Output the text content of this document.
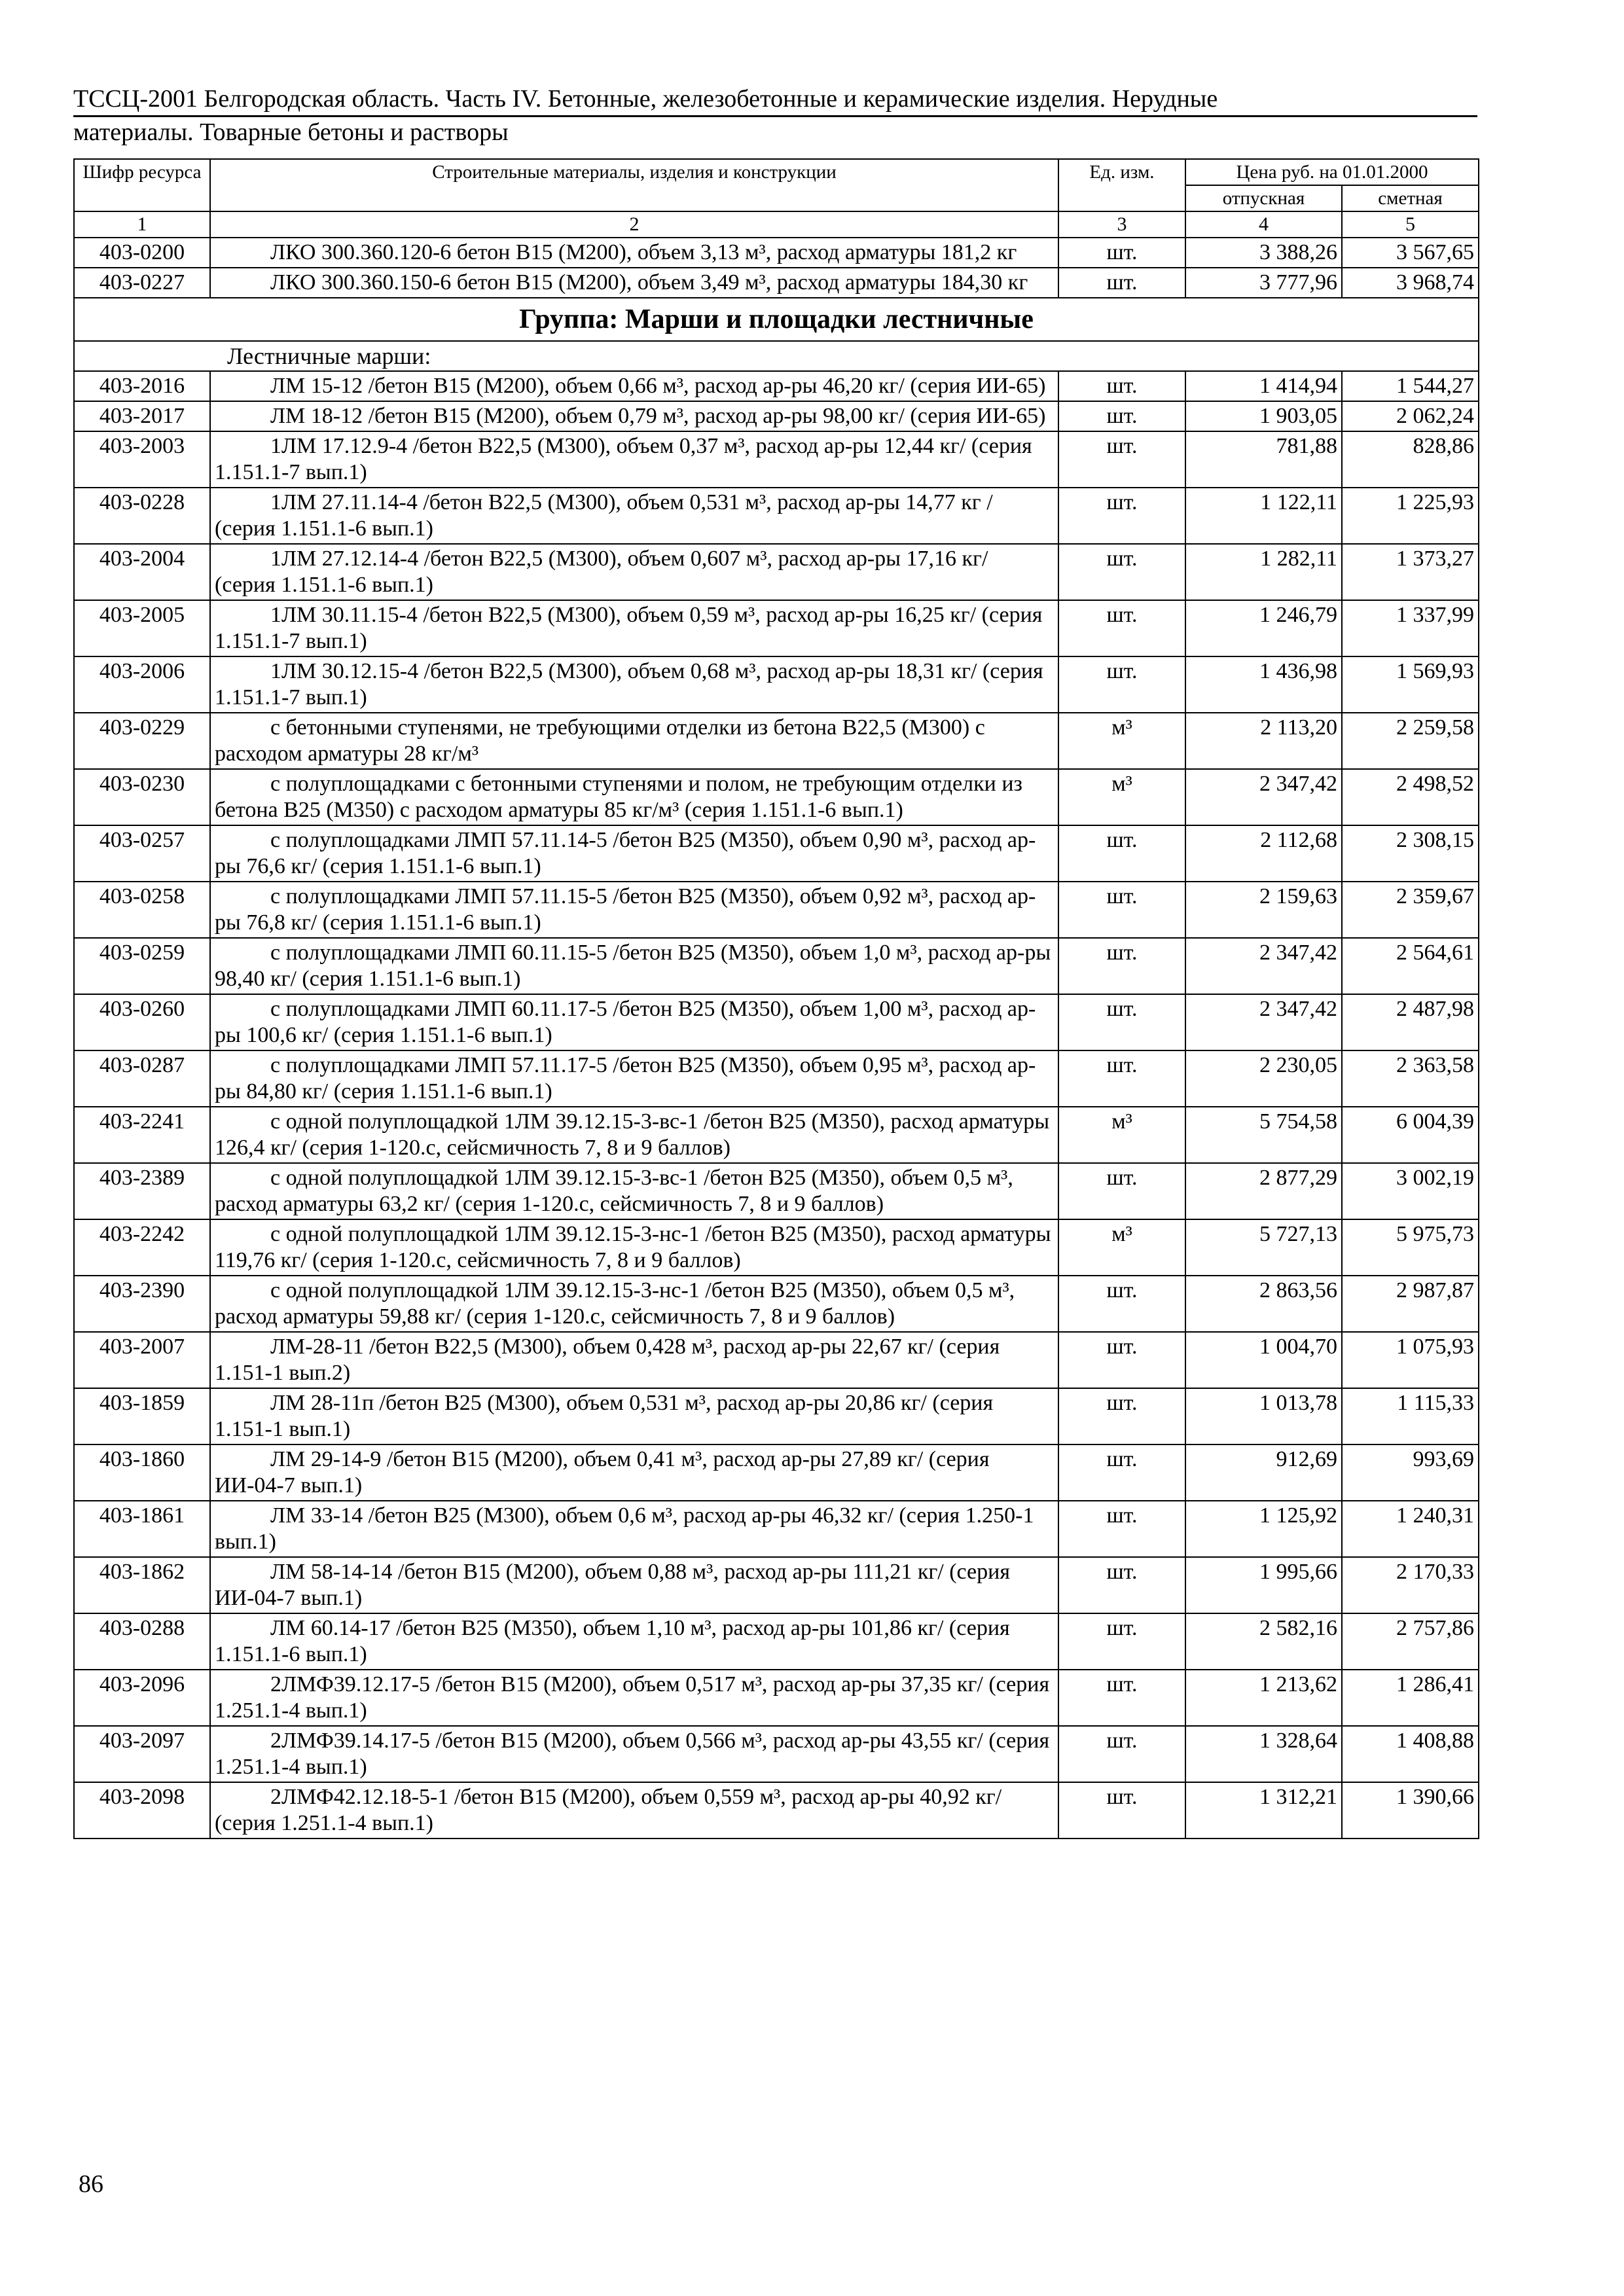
ТССЦ-2001 Белгородская область. Часть IV. Бетонные, железобетонные и керамические изделия. Нерудные
материалы. Товарные бетоны и растворы
Шифр ресурса	Строительные материалы, изделия и конструкции	Ед. изм.	Цена руб. на 01.01.2000	
			отпускная	сметная
1	2	3	4	5
403-0200	ЛКО 300.360.120-6 бетон В15 (М200), объем 3,13 м³, расход арматуры 181,2 кг	шт.	3 388,26	3 567,65
403-0227	ЛКО 300.360.150-6 бетон В15 (М200), объем 3,49 м³, расход арматуры 184,30 кг	шт.	3 777,96	3 968,74
Группа: Марши и площадки лестничные				
Лестничные марши:				
403-2016	ЛМ 15-12 /бетон В15 (М200), объем 0,66 м³, расход ар-ры 46,20 кг/ (серия ИИ-65)	шт.	1 414,94	1 544,27
403-2017	ЛМ 18-12 /бетон В15 (М200), объем 0,79 м³, расход ар-ры 98,00 кг/ (серия ИИ-65)	шт.	1 903,05	2 062,24
403-2003	1ЛМ 17.12.9-4 /бетон В22,5 (М300), объем 0,37 м³, расход ар-ры 12,44 кг/ (серия 1.151.1-7 вып.1)	шт.	781,88	828,86
403-0228	1ЛМ 27.11.14-4 /бетон В22,5 (М300), объем 0,531 м³, расход ар-ры 14,77 кг / (серия 1.151.1-6 вып.1)	шт.	1 122,11	1 225,93
403-2004	1ЛМ 27.12.14-4 /бетон В22,5 (М300), объем 0,607 м³, расход ар-ры 17,16 кг/ (серия 1.151.1-6 вып.1)	шт.	1 282,11	1 373,27
403-2005	1ЛМ 30.11.15-4 /бетон В22,5 (М300), объем 0,59 м³, расход ар-ры 16,25 кг/ (серия 1.151.1-7 вып.1)	шт.	1 246,79	1 337,99
403-2006	1ЛМ 30.12.15-4 /бетон В22,5 (М300), объем 0,68 м³, расход ар-ры 18,31 кг/ (серия 1.151.1-7 вып.1)	шт.	1 436,98	1 569,93
403-0229	с бетонными ступенями, не требующими отделки из бетона В22,5 (М300) с расходом арматуры 28 кг/м³	м³	2 113,20	2 259,58
403-0230	с полуплощадками с бетонными ступенями и полом, не требующим отделки из бетона В25 (М350) с расходом арматуры 85 кг/м³ (серия 1.151.1-6 вып.1)	м³	2 347,42	2 498,52
403-0257	с полуплощадками ЛМП 57.11.14-5 /бетон В25 (М350), объем 0,90 м³, расход ар-ры 76,6 кг/ (серия 1.151.1-6 вып.1)	шт.	2 112,68	2 308,15
403-0258	с полуплощадками ЛМП 57.11.15-5 /бетон В25 (М350), объем 0,92 м³, расход ар-ры 76,8 кг/ (серия 1.151.1-6 вып.1)	шт.	2 159,63	2 359,67
403-0259	с полуплощадками ЛМП 60.11.15-5 /бетон В25 (М350), объем 1,0 м³, расход ар-ры 98,40 кг/ (серия 1.151.1-6 вып.1)	шт.	2 347,42	2 564,61
403-0260	с полуплощадками ЛМП 60.11.17-5 /бетон В25 (М350), объем 1,00 м³, расход ар-ры 100,6 кг/ (серия 1.151.1-6 вып.1)	шт.	2 347,42	2 487,98
403-0287	с полуплощадками ЛМП 57.11.17-5 /бетон В25 (М350), объем 0,95 м³, расход ар-ры 84,80 кг/ (серия 1.151.1-6 вып.1)	шт.	2 230,05	2 363,58
403-2241	с одной полуплощадкой 1ЛМ 39.12.15-3-вс-1 /бетон В25 (М350), расход арматуры 126,4 кг/ (серия 1-120.с, сейсмичность 7, 8 и 9 баллов)	м³	5 754,58	6 004,39
403-2389	с одной полуплощадкой 1ЛМ 39.12.15-3-вс-1 /бетон В25 (М350), объем 0,5 м³, расход арматуры 63,2 кг/ (серия 1-120.с, сейсмичность 7, 8 и 9 баллов)	шт.	2 877,29	3 002,19
403-2242	с одной полуплощадкой 1ЛМ 39.12.15-3-нс-1 /бетон В25 (М350), расход арматуры 119,76 кг/ (серия 1-120.с, сейсмичность 7, 8 и 9 баллов)	м³	5 727,13	5 975,73
403-2390	с одной полуплощадкой 1ЛМ 39.12.15-3-нс-1 /бетон В25 (М350), объем 0,5 м³, расход арматуры 59,88 кг/ (серия 1-120.с, сейсмичность 7, 8 и 9 баллов)	шт.	2 863,56	2 987,87
403-2007	ЛМ-28-11 /бетон В22,5 (М300), объем 0,428 м³, расход ар-ры 22,67 кг/ (серия 1.151-1 вып.2)	шт.	1 004,70	1 075,93
403-1859	ЛМ 28-11п /бетон В25 (М300), объем 0,531 м³, расход ар-ры 20,86 кг/ (серия 1.151-1 вып.1)	шт.	1 013,78	1 115,33
403-1860	ЛМ 29-14-9 /бетон В15 (М200), объем 0,41 м³, расход ар-ры 27,89 кг/ (серия ИИ-04-7 вып.1)	шт.	912,69	993,69
403-1861	ЛМ 33-14 /бетон В25 (М300), объем 0,6 м³, расход ар-ры 46,32 кг/ (серия 1.250-1 вып.1)	шт.	1 125,92	1 240,31
403-1862	ЛМ 58-14-14 /бетон В15 (М200), объем 0,88 м³, расход ар-ры 111,21 кг/ (серия ИИ-04-7 вып.1)	шт.	1 995,66	2 170,33
403-0288	ЛМ 60.14-17 /бетон В25 (М350), объем 1,10 м³, расход ар-ры 101,86 кг/ (серия 1.151.1-6 вып.1)	шт.	2 582,16	2 757,86
403-2096	2ЛМФ39.12.17-5 /бетон В15 (М200), объем 0,517 м³, расход ар-ры 37,35 кг/ (серия 1.251.1-4 вып.1)	шт.	1 213,62	1 286,41
403-2097	2ЛМФ39.14.17-5 /бетон В15 (М200), объем 0,566 м³, расход ар-ры 43,55 кг/ (серия 1.251.1-4 вып.1)	шт.	1 328,64	1 408,88
403-2098	2ЛМФ42.12.18-5-1 /бетон В15 (М200), объем 0,559 м³, расход ар-ры 40,92 кг/ (серия 1.251.1-4 вып.1)	шт.	1 312,21	1 390,66
86
